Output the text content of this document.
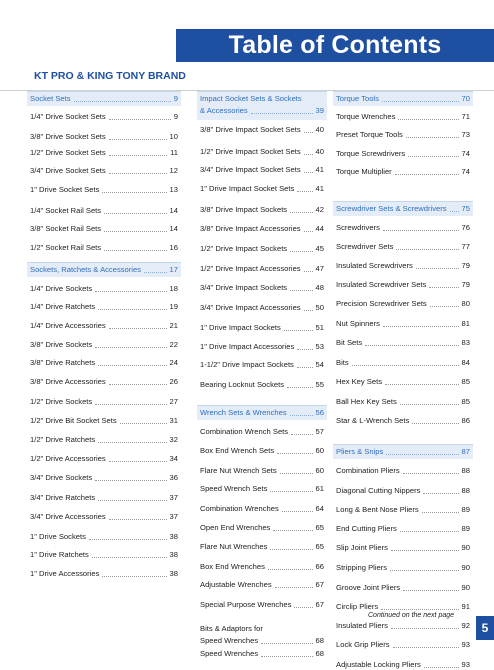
Table of Contents
KT PRO & KING TONY BRAND
Socket Sets	9
1/4" Drive Socket Sets	9
3/8" Drive Socket Sets	10
1/2" Drive Socket Sets	11
3/4" Drive Socket Sets	12
1" Drive Socket Sets	13
1/4" Socket Rail Sets	14
3/8" Socket Rail Sets	14
1/2" Socket Rail Sets	16
Sockets, Ratchets & Accessories	17
1/4" Drive Sockets	18
1/4" Drive Ratchets	19
1/4" Drive Accessories	21
3/8" Drive Sockets	22
3/8" Drive Ratchets	24
3/8" Drive Accessories	26
1/2" Drive Sockets	27
1/2" Drive Bit Socket Sets	31
1/2" Drive Ratchets	32
1/2" Drive Accessories	34
3/4" Drive Sockets	36
3/4" Drive Ratchets	37
3/4" Drive Accessories	37
1" Drive Sockets	38
1" Drive Ratchets	38
1" Drive Accessories	38
Impact Socket Sets & Sockets
& Accessories	39
3/8" Drive Impact Socket Sets 40
1/2" Drive Impact Socket Sets 40
3/4" Drive Impact Socket Sets 41
1" Drive Impact Socket Sets	41
3/8" Drive Impact Sockets	42
3/8" Drive Impact Accessories 44
1/2" Drive Impact Sockets	45
1/2" Drive Impact Accessories 47
3/4" Drive Impact Sockets	48
3/4" Drive Impact Accessories 50
1" Drive Impact Sockets	51
1" Drive Impact Accessories	53
1-1/2" Drive Impact Sockets	54
Bearing Locknut Sockets	55
Wrench Sets & Wrenches	56
Combination Wrench Sets	57
Box End Wrench Sets	60
Flare Nut Wrench Sets	60
Speed Wrench Sets	61
Combination Wrenches	64
Open End Wrenches	65
Flare Nut Wrenches	65
Box End Wrenches	66
Adjustable Wrenches	67
Special Purpose Wrenches	67
Bits & Adaptors for
Speed Wrenches	68
Speed Wrenches	68
Torque Tools	70
Torque Wrenches	71
Preset Torque Tools	73
Torque Screwdrivers	74
Torque Multiplier	74
Screwdriver Sets & Screwdrivers 75
Screwdrivers	76
Screwdriver Sets	77
Insulated Screwdrivers	79
Insulated Screwdriver Sets	79
Precision Screwdriver Sets	80
Nut Spinners	81
Bit Sets	83
Bits	84
Hex Key Sets	85
Ball Hex Key Sets	85
Star & L-Wrench Sets	86
Pliers & Snips	87
Combination Pliers	88
Diagonal Cutting Nippers	88
Long & Bent Nose Pliers	89
End Cutting Pliers	89
Slip Joint Pliers	90
Stripping Pliers	90
Groove Joint Pliers	90
Circlip Pliers	91
Insulated Pliers	92
Lock Grip Pliers	93
Adjustable Locking Pliers	93
Continued on the next page
5
